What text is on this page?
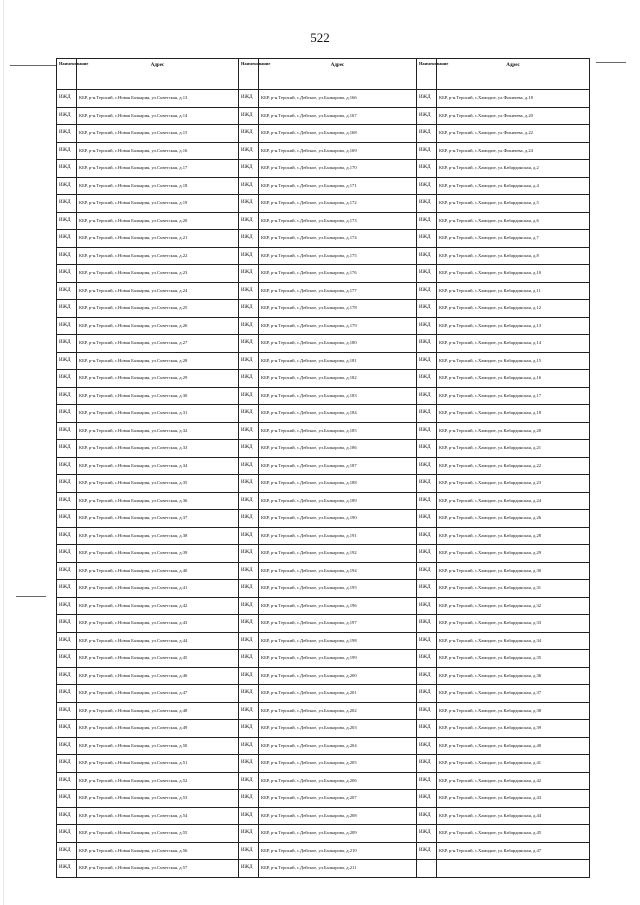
522
Наименование	Адрес	Наименование	Адрес	Наименование	Адрес
ИЖД	КБР, р-н.Терский, с.Новая Балкария, ул.Советская, д.13	ИЖД	КБР, р-н.Терский, с.Дейское, ул.Балкарова, д.166	ИЖД	КБР, р-н.Терский, с.Хамидие, ул.Фокичева, д.18
ИЖД	КБР, р-н.Терский, с.Новая Балкария, ул.Советская, д.14	ИЖД	КБР, р-н.Терский, с.Дейское, ул.Балкарова, д.167	ИЖД	КБР, р-н.Терский, с.Хамидие, ул.Фокичева, д.20
ИЖД	КБР, р-н.Терский, с.Новая Балкария, ул.Советская, д.15	ИЖД	КБР, р-н.Терский, с.Дейское, ул.Балкарова, д.168	ИЖД	КБР, р-н.Терский, с.Хамидие, ул.Фокичева, д.22
ИЖД	КБР, р-н.Терский, с.Новая Балкария, ул.Советская, д.16	ИЖД	КБР, р-н.Терский, с.Дейское, ул.Балкарова, д.169	ИЖД	КБР, р-н.Терский, с.Хамидие, ул.Фокичева, д.24
ИЖД	КБР, р-н.Терский, с.Новая Балкария, ул.Советская, д.17	ИЖД	КБР, р-н.Терский, с.Дейское, ул.Балкарова, д.170	ИЖД	КБР, р-н.Терский, с.Хамидие, ул.Кабардинская, д.2
ИЖД	КБР, р-н.Терский, с.Новая Балкария, ул.Советская, д.18	ИЖД	КБР, р-н.Терский, с.Дейское, ул.Балкарова, д.171	ИЖД	КБР, р-н.Терский, с.Хамидие, ул.Кабардинская, д.4
ИЖД	КБР, р-н.Терский, с.Новая Балкария, ул.Советская, д.19	ИЖД	КБР, р-н.Терский, с.Дейское, ул.Балкарова, д.172	ИЖД	КБР, р-н.Терский, с.Хамидие, ул.Кабардинская, д.5
ИЖД	КБР, р-н.Терский, с.Новая Балкария, ул.Советская, д.20	ИЖД	КБР, р-н.Терский, с.Дейское, ул.Балкарова, д.173	ИЖД	КБР, р-н.Терский, с.Хамидие, ул.Кабардинская, д.6
ИЖД	КБР, р-н.Терский, с.Новая Балкария, ул.Советская, д.21	ИЖД	КБР, р-н.Терский, с.Дейское, ул.Балкарова, д.174	ИЖД	КБР, р-н.Терский, с.Хамидие, ул.Кабардинская, д.7
ИЖД	КБР, р-н.Терский, с.Новая Балкария, ул.Советская, д.22	ИЖД	КБР, р-н.Терский, с.Дейское, ул.Балкарова, д.175	ИЖД	КБР, р-н.Терский, с.Хамидие, ул.Кабардинская, д.8
ИЖД	КБР, р-н.Терский, с.Новая Балкария, ул.Советская, д.23	ИЖД	КБР, р-н.Терский, с.Дейское, ул.Балкарова, д.176	ИЖД	КБР, р-н.Терский, с.Хамидие, ул.Кабардинская, д.10
ИЖД	КБР, р-н.Терский, с.Новая Балкария, ул.Советская, д.24	ИЖД	КБР, р-н.Терский, с.Дейское, ул.Балкарова, д.177	ИЖД	КБР, р-н.Терский, с.Хамидие, ул.Кабардинская, д.11
ИЖД	КБР, р-н.Терский, с.Новая Балкария, ул.Советская, д.25	ИЖД	КБР, р-н.Терский, с.Дейское, ул.Балкарова, д.178	ИЖД	КБР, р-н.Терский, с.Хамидие, ул.Кабардинская, д.12
ИЖД	КБР, р-н.Терский, с.Новая Балкария, ул.Советская, д.26	ИЖД	КБР, р-н.Терский, с.Дейское, ул.Балкарова, д.179	ИЖД	КБР, р-н.Терский, с.Хамидие, ул.Кабардинская, д.13
ИЖД	КБР, р-н.Терский, с.Новая Балкария, ул.Советская, д.27	ИЖД	КБР, р-н.Терский, с.Дейское, ул.Балкарова, д.180	ИЖД	КБР, р-н.Терский, с.Хамидие, ул.Кабардинская, д.14
ИЖД	КБР, р-н.Терский, с.Новая Балкария, ул.Советская, д.28	ИЖД	КБР, р-н.Терский, с.Дейское, ул.Балкарова, д.181	ИЖД	КБР, р-н.Терский, с.Хамидие, ул.Кабардинская, д.15
ИЖД	КБР, р-н.Терский, с.Новая Балкария, ул.Советская, д.29	ИЖД	КБР, р-н.Терский, с.Дейское, ул.Балкарова, д.182	ИЖД	КБР, р-н.Терский, с.Хамидие, ул.Кабардинская, д.16
ИЖД	КБР, р-н.Терский, с.Новая Балкария, ул.Советская, д.30	ИЖД	КБР, р-н.Терский, с.Дейское, ул.Балкарова, д.183	ИЖД	КБР, р-н.Терский, с.Хамидие, ул.Кабардинская, д.17
ИЖД	КБР, р-н.Терский, с.Новая Балкария, ул.Советская, д.31	ИЖД	КБР, р-н.Терский, с.Дейское, ул.Балкарова, д.184	ИЖД	КБР, р-н.Терский, с.Хамидие, ул.Кабардинская, д.18
ИЖД	КБР, р-н.Терский, с.Новая Балкария, ул.Советская, д.32	ИЖД	КБР, р-н.Терский, с.Дейское, ул.Балкарова, д.185	ИЖД	КБР, р-н.Терский, с.Хамидие, ул.Кабардинская, д.20
ИЖД	КБР, р-н.Терский, с.Новая Балкария, ул.Советская, д.33	ИЖД	КБР, р-н.Терский, с.Дейское, ул.Балкарова, д.186	ИЖД	КБР, р-н.Терский, с.Хамидие, ул.Кабардинская, д.21
ИЖД	КБР, р-н.Терский, с.Новая Балкария, ул.Советская, д.34	ИЖД	КБР, р-н.Терский, с.Дейское, ул.Балкарова, д.187	ИЖД	КБР, р-н.Терский, с.Хамидие, ул.Кабардинская, д.22
ИЖД	КБР, р-н.Терский, с.Новая Балкария, ул.Советская, д.35	ИЖД	КБР, р-н.Терский, с.Дейское, ул.Балкарова, д.188	ИЖД	КБР, р-н.Терский, с.Хамидие, ул.Кабардинская, д.23
ИЖД	КБР, р-н.Терский, с.Новая Балкария, ул.Советская, д.36	ИЖД	КБР, р-н.Терский, с.Дейское, ул.Балкарова, д.189	ИЖД	КБР, р-н.Терский, с.Хамидие, ул.Кабардинская, д.24
ИЖД	КБР, р-н.Терский, с.Новая Балкария, ул.Советская, д.37	ИЖД	КБР, р-н.Терский, с.Дейское, ул.Балкарова, д.190	ИЖД	КБР, р-н.Терский, с.Хамидие, ул.Кабардинская, д.26
ИЖД	КБР, р-н.Терский, с.Новая Балкария, ул.Советская, д.38	ИЖД	КБР, р-н.Терский, с.Дейское, ул.Балкарова, д.191	ИЖД	КБР, р-н.Терский, с.Хамидие, ул.Кабардинская, д.28
ИЖД	КБР, р-н.Терский, с.Новая Балкария, ул.Советская, д.39	ИЖД	КБР, р-н.Терский, с.Дейское, ул.Балкарова, д.192	ИЖД	КБР, р-н.Терский, с.Хамидие, ул.Кабардинская, д.29
ИЖД	КБР, р-н.Терский, с.Новая Балкария, ул.Советская, д.40	ИЖД	КБР, р-н.Терский, с.Дейское, ул.Балкарова, д.194	ИЖД	КБР, р-н.Терский, с.Хамидие, ул.Кабардинская, д.30
ИЖД	КБР, р-н.Терский, с.Новая Балкария, ул.Советская, д.41	ИЖД	КБР, р-н.Терский, с.Дейское, ул.Балкарова, д.195	ИЖД	КБР, р-н.Терский, с.Хамидие, ул.Кабардинская, д.31
ИЖД	КБР, р-н.Терский, с.Новая Балкария, ул.Советская, д.42	ИЖД	КБР, р-н.Терский, с.Дейское, ул.Балкарова, д.196	ИЖД	КБР, р-н.Терский, с.Хамидие, ул.Кабардинская, д.32
ИЖД	КБР, р-н.Терский, с.Новая Балкария, ул.Советская, д.43	ИЖД	КБР, р-н.Терский, с.Дейское, ул.Балкарова, д.197	ИЖД	КБР, р-н.Терский, с.Хамидие, ул.Кабардинская, д.33
ИЖД	КБР, р-н.Терский, с.Новая Балкария, ул.Советская, д.44	ИЖД	КБР, р-н.Терский, с.Дейское, ул.Балкарова, д.198	ИЖД	КБР, р-н.Терский, с.Хамидие, ул.Кабардинская, д.34
ИЖД	КБР, р-н.Терский, с.Новая Балкария, ул.Советская, д.45	ИЖД	КБР, р-н.Терский, с.Дейское, ул.Балкарова, д.199	ИЖД	КБР, р-н.Терский, с.Хамидие, ул.Кабардинская, д.35
ИЖД	КБР, р-н.Терский, с.Новая Балкария, ул.Советская, д.46	ИЖД	КБР, р-н.Терский, с.Дейское, ул.Балкарова, д.200	ИЖД	КБР, р-н.Терский, с.Хамидие, ул.Кабардинская, д.36
ИЖД	КБР, р-н.Терский, с.Новая Балкария, ул.Советская, д.47	ИЖД	КБР, р-н.Терский, с.Дейское, ул.Балкарова, д.201	ИЖД	КБР, р-н.Терский, с.Хамидие, ул.Кабардинская, д.37
ИЖД	КБР, р-н.Терский, с.Новая Балкария, ул.Советская, д.48	ИЖД	КБР, р-н.Терский, с.Дейское, ул.Балкарова, д.202	ИЖД	КБР, р-н.Терский, с.Хамидие, ул.Кабардинская, д.38
ИЖД	КБР, р-н.Терский, с.Новая Балкария, ул.Советская, д.49	ИЖД	КБР, р-н.Терский, с.Дейское, ул.Балкарова, д.203	ИЖД	КБР, р-н.Терский, с.Хамидие, ул.Кабардинская, д.39
ИЖД	КБР, р-н.Терский, с.Новая Балкария, ул.Советская, д.50	ИЖД	КБР, р-н.Терский, с.Дейское, ул.Балкарова, д.204	ИЖД	КБР, р-н.Терский, с.Хамидие, ул.Кабардинская, д.40
ИЖД	КБР, р-н.Терский, с.Новая Балкария, ул.Советская, д.51	ИЖД	КБР, р-н.Терский, с.Дейское, ул.Балкарова, д.205	ИЖД	КБР, р-н.Терский, с.Хамидие, ул.Кабардинская, д.41
ИЖД	КБР, р-н.Терский, с.Новая Балкария, ул.Советская, д.52	ИЖД	КБР, р-н.Терский, с.Дейское, ул.Балкарова, д.206	ИЖД	КБР, р-н.Терский, с.Хамидие, ул.Кабардинская, д.42
ИЖД	КБР, р-н.Терский, с.Новая Балкария, ул.Советская, д.53	ИЖД	КБР, р-н.Терский, с.Дейское, ул.Балкарова, д.207	ИЖД	КБР, р-н.Терский, с.Хамидие, ул.Кабардинская, д.43
ИЖД	КБР, р-н.Терский, с.Новая Балкария, ул.Советская, д.54	ИЖД	КБР, р-н.Терский, с.Дейское, ул.Балкарова, д.208	ИЖД	КБР, р-н.Терский, с.Хамидие, ул.Кабардинская, д.44
ИЖД	КБР, р-н.Терский, с.Новая Балкария, ул.Советская, д.55	ИЖД	КБР, р-н.Терский, с.Дейское, ул.Балкарова, д.209	ИЖД	КБР, р-н.Терский, с.Хамидие, ул.Кабардинская, д.45
ИЖД	КБР, р-н.Терский, с.Новая Балкария, ул.Советская, д.56	ИЖД	КБР, р-н.Терский, с.Дейское, ул.Балкарова, д.210	ИЖД	КБР, р-н.Терский, с.Хамидие, ул.Кабардинская, д.47
ИЖД	КБР, р-н.Терский, с.Новая Балкария, ул.Советская, д.57	ИЖД	КБР, р-н.Терский, с.Дейское, ул.Балкарова, д.211		
